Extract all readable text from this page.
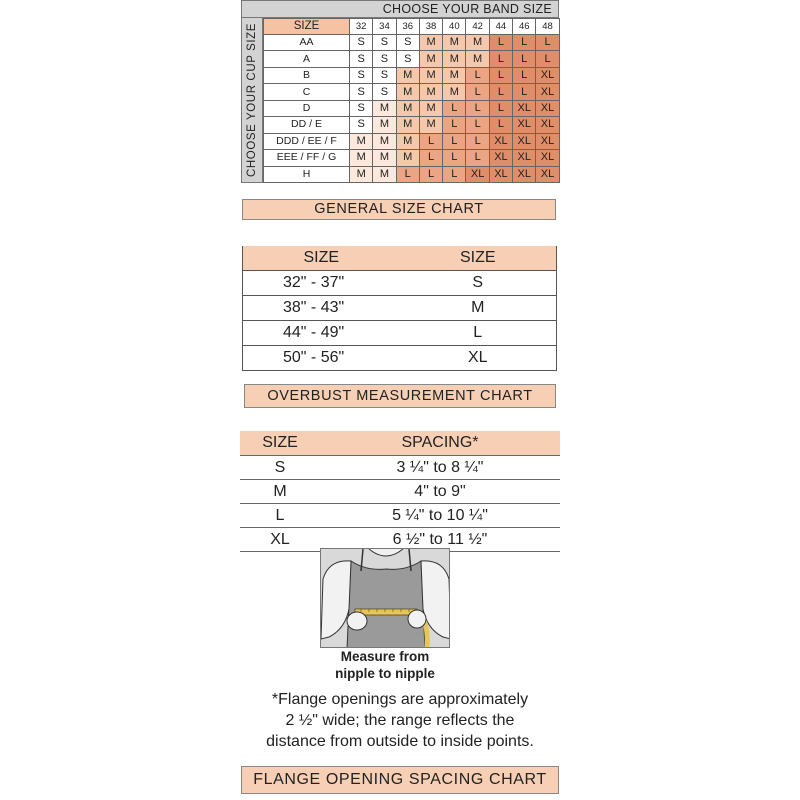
CHOOSE YOUR BAND SIZE
CHOOSE YOUR CUP SIZE	SIZE	32	34	36	38	40	42	44	46	48
AA	S	S	S	M	M	M	L	L	L
A	S	S	S	M	M	M	L	L	L
B	S	S	M	M	M	L	L	L	XL
C	S	S	M	M	M	L	L	L	XL
D	S	M	M	M	L	L	L	XL	XL
DD / E	S	M	M	M	L	L	L	XL	XL
DDD / EE / F	M	M	M	L	L	L	XL	XL	XL
EEE / FF / G	M	M	M	L	L	L	XL	XL	XL
H	M	M	L	L	L	XL	XL	XL	XL
GENERAL SIZE CHART
SIZE	SIZE
32" - 37"	S
38" - 43"	M
44" - 49"	L
50" - 56"	XL
OVERBUST MEASUREMENT CHART
SIZE	SPACING*
S	3 ¼" to 8 ¼"
M	4" to 9"
L	5 ¼" to 10 ¼"
XL	6 ½" to 11 ½"
Measure from
nipple to nipple
*Flange openings are approximately
2 ½" wide; the range reflects the
distance from outside to inside points.
FLANGE OPENING SPACING CHART
